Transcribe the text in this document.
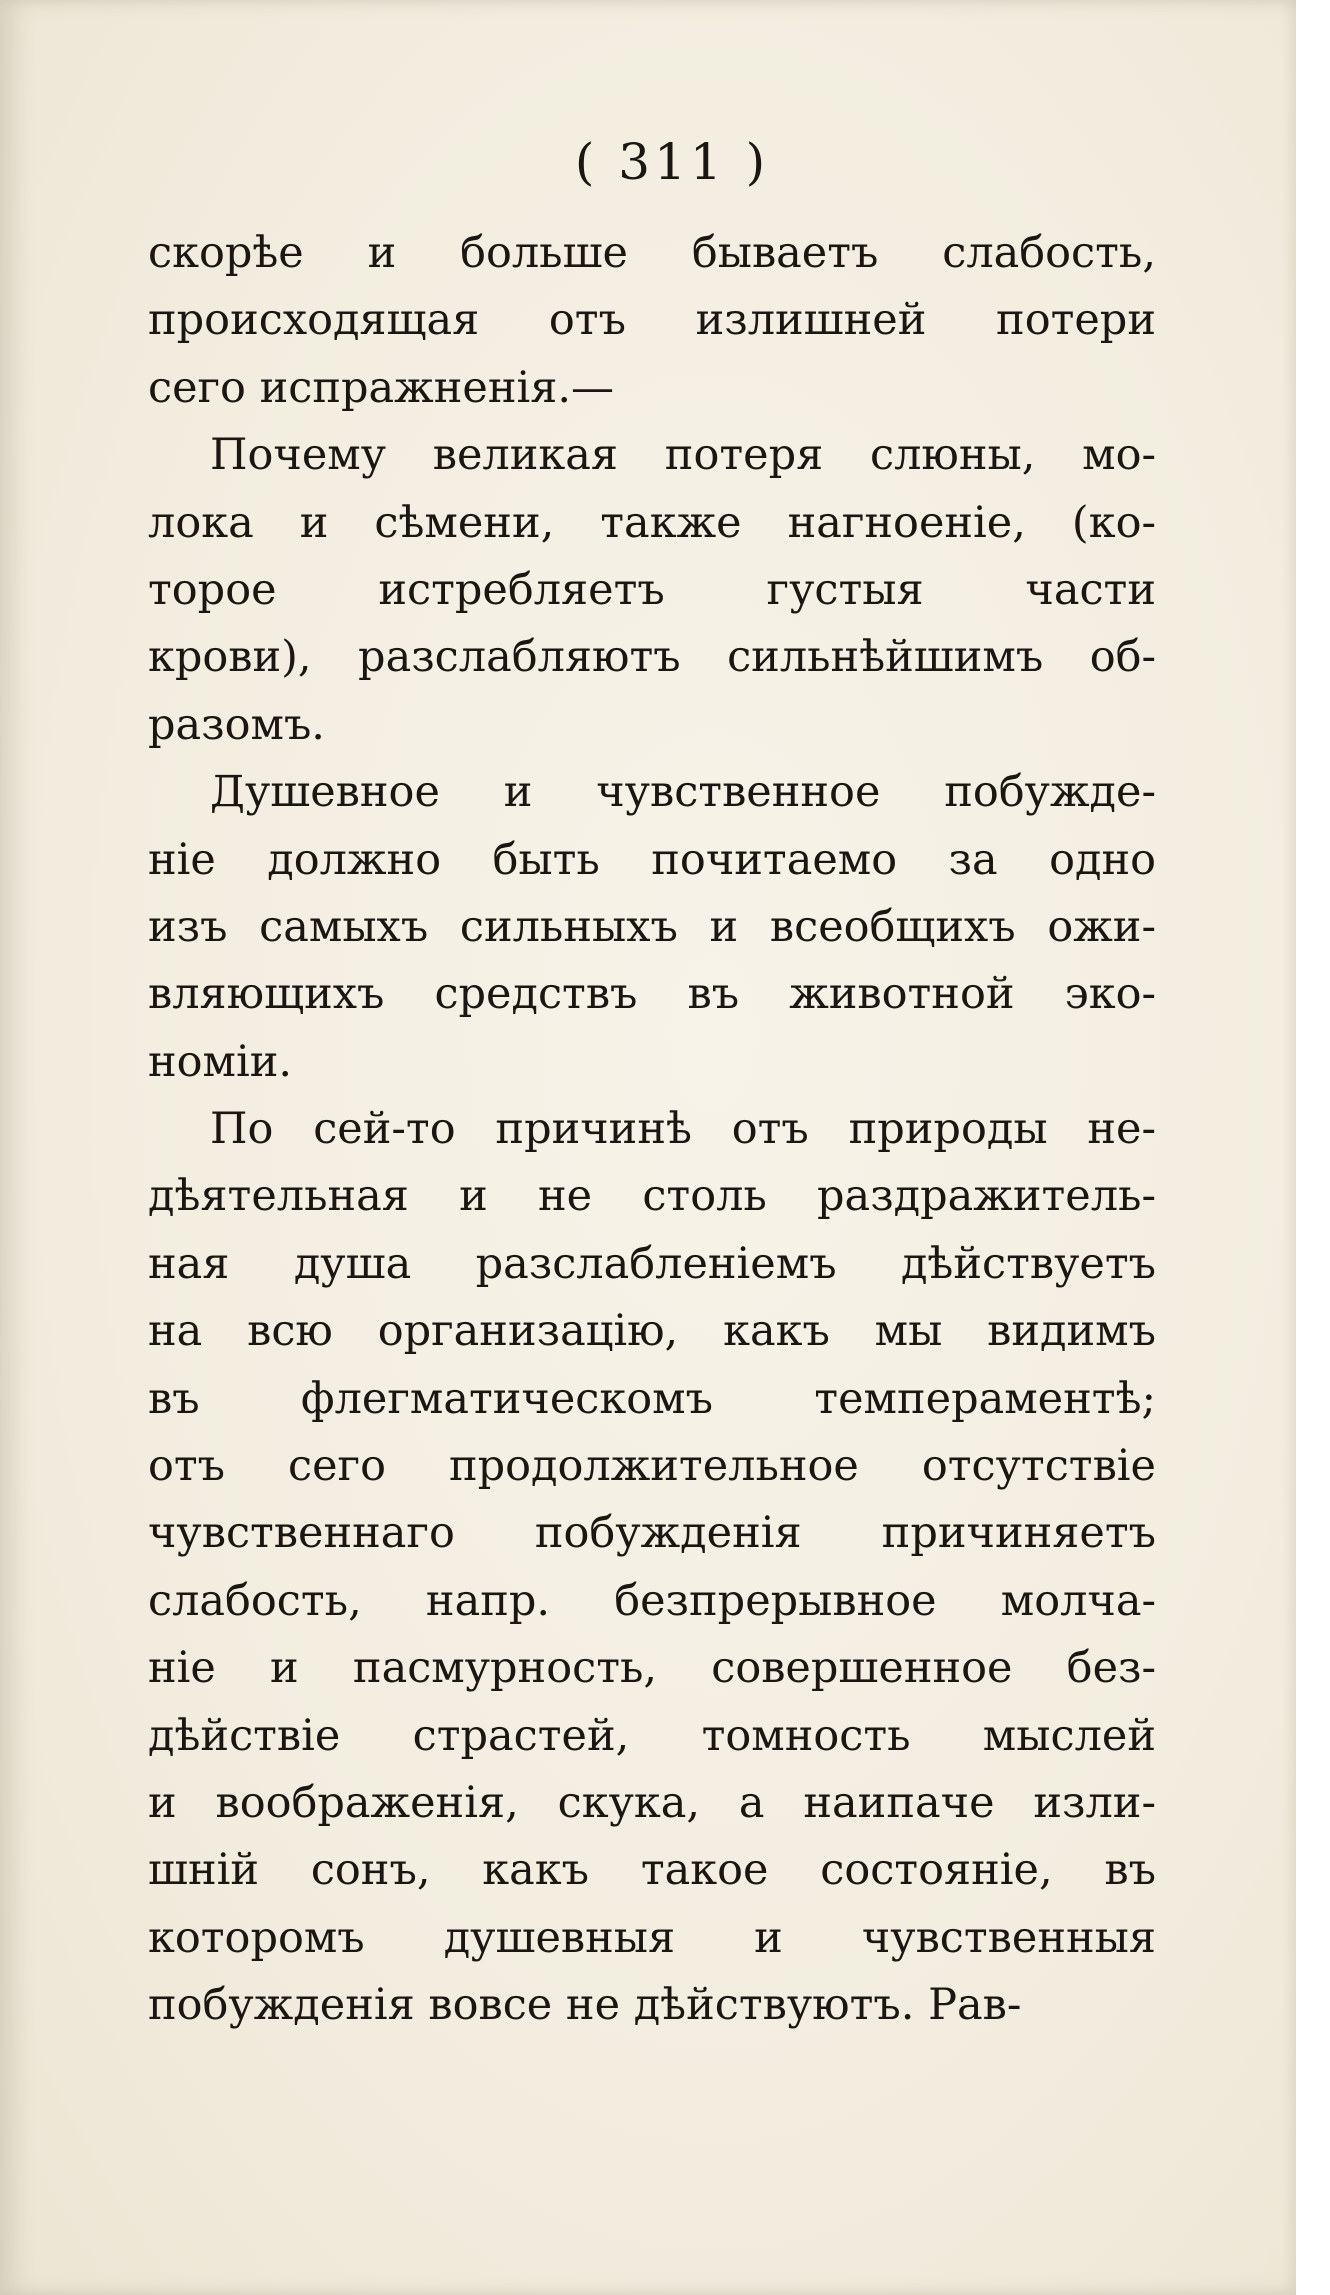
( 311 )
скорѣе и больше бываетъ слабость,
происходящая отъ излишней потери
сего испражненія.—
Почему великая потеря слюны, мо-
лока и сѣмени, также нагноеніе, (ко-
торое истребляетъ густыя части
крови), разслабляютъ сильнѣйшимъ об-
разомъ.
Душевное и чувственное побужде-
ніе должно быть почитаемо за одно
изъ самыхъ сильныхъ и всеобщихъ ожи-
вляющихъ средствъ въ животной эко-
номіи.
По сей-то причинѣ отъ природы не-
дѣятельная и не столь раздражитель-
ная душа разслабленіемъ дѣйствуетъ
на всю организацію, какъ мы видимъ
въ флегматическомъ темпераментѣ;
отъ сего продолжительное отсутствіе
чувственнаго побужденія причиняетъ
слабость, напр. безпрерывное молча-
ніе и пасмурность, совершенное без-
дѣйствіе страстей, томность мыслей
и воображенія, скука, а наипаче изли-
шній сонъ, какъ такое состояніе, въ
которомъ душевныя и чувственныя
побужденія вовсе не дѣйствуютъ. Рав-
